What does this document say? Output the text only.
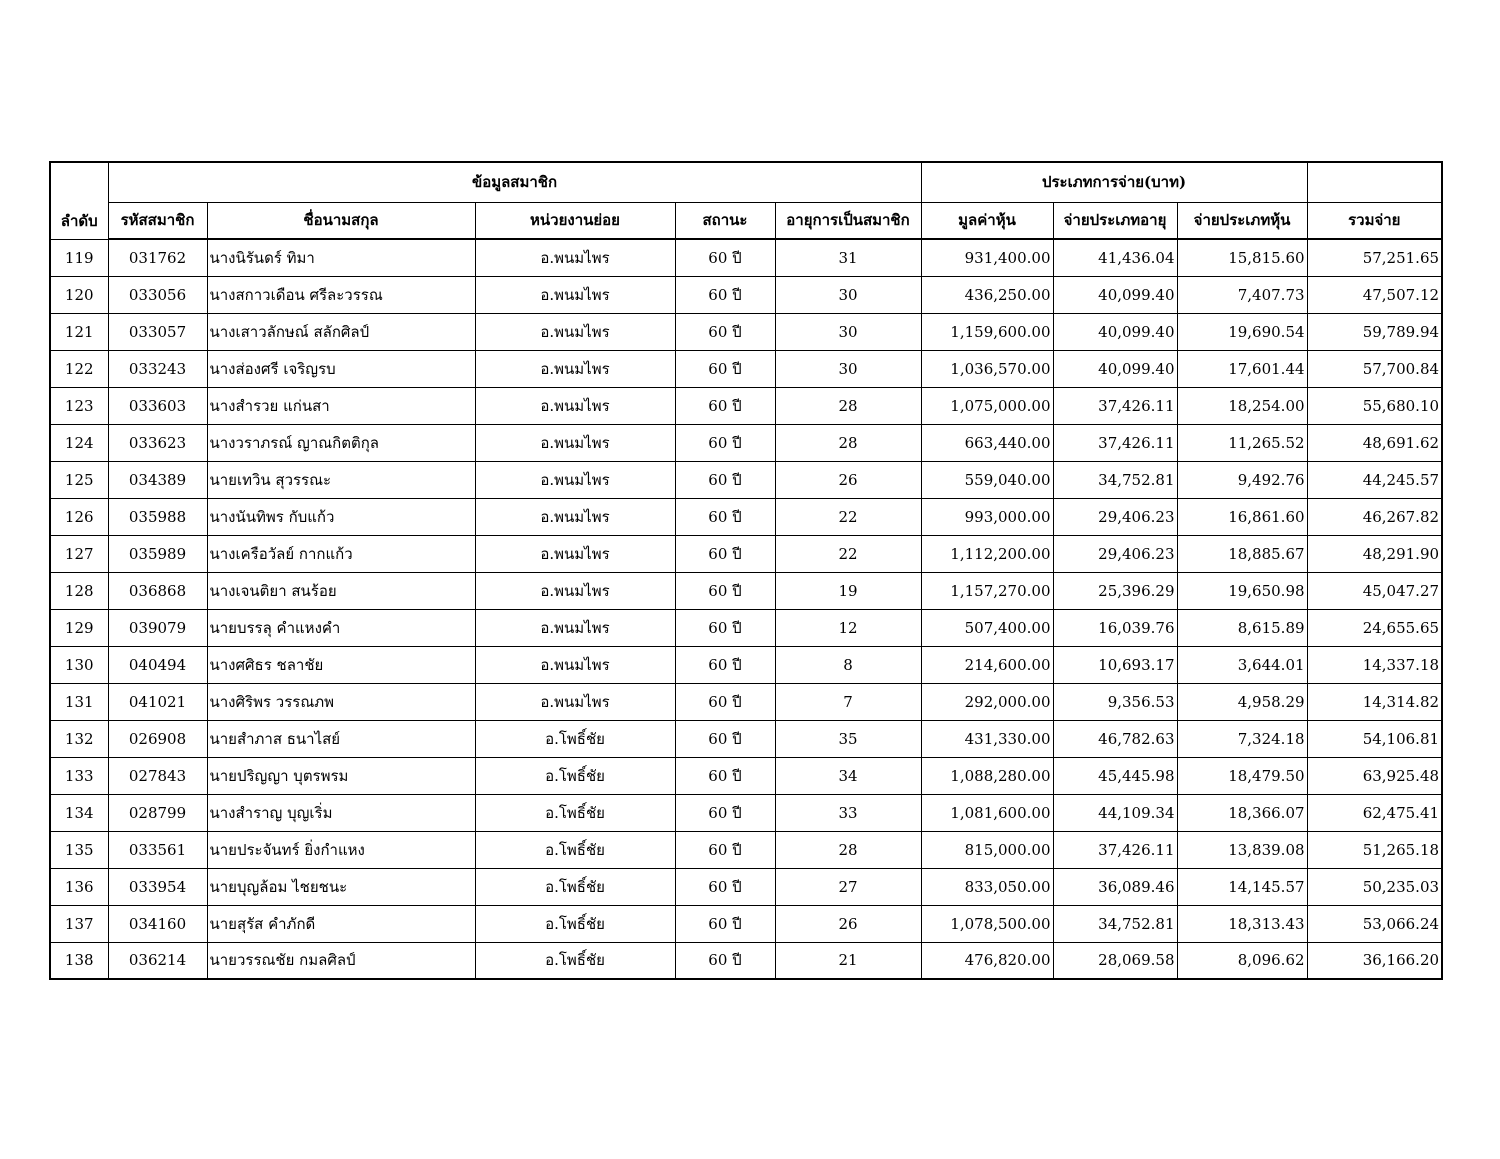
ลำดับ	ข้อมูลสมาชิก					ประเภทการจ่าย(บาท)			
	รหัสสมาชิก	ชื่อนามสกุล	หน่วยงานย่อย	สถานะ	อายุการเป็นสมาชิก	มูลค่าหุ้น	จ่ายประเภทอายุ	จ่ายประเภทหุ้น	รวมจ่าย
119	031762	นางนิรันดร์ ทิมา	อ.พนมไพร	60 ปี	31	931,400.00	41,436.04	15,815.60	57,251.65
120	033056	นางสกาวเดือน ศรีละวรรณ	อ.พนมไพร	60 ปี	30	436,250.00	40,099.40	7,407.73	47,507.12
121	033057	นางเสาวลักษณ์ สลักศิลป์	อ.พนมไพร	60 ปี	30	1,159,600.00	40,099.40	19,690.54	59,789.94
122	033243	นางส่องศรี เจริญรบ	อ.พนมไพร	60 ปี	30	1,036,570.00	40,099.40	17,601.44	57,700.84
123	033603	นางสำรวย แก่นสา	อ.พนมไพร	60 ปี	28	1,075,000.00	37,426.11	18,254.00	55,680.10
124	033623	นางวราภรณ์ ญาณกิตติกุล	อ.พนมไพร	60 ปี	28	663,440.00	37,426.11	11,265.52	48,691.62
125	034389	นายเทวิน สุวรรณะ	อ.พนมไพร	60 ปี	26	559,040.00	34,752.81	9,492.76	44,245.57
126	035988	นางนันทิพร กับแก้ว	อ.พนมไพร	60 ปี	22	993,000.00	29,406.23	16,861.60	46,267.82
127	035989	นางเครือวัลย์ กากแก้ว	อ.พนมไพร	60 ปี	22	1,112,200.00	29,406.23	18,885.67	48,291.90
128	036868	นางเจนติยา สนร้อย	อ.พนมไพร	60 ปี	19	1,157,270.00	25,396.29	19,650.98	45,047.27
129	039079	นายบรรลุ คำแหงคำ	อ.พนมไพร	60 ปี	12	507,400.00	16,039.76	8,615.89	24,655.65
130	040494	นางศศิธร ชลาชัย	อ.พนมไพร	60 ปี	8	214,600.00	10,693.17	3,644.01	14,337.18
131	041021	นางศิริพร วรรณภพ	อ.พนมไพร	60 ปี	7	292,000.00	9,356.53	4,958.29	14,314.82
132	026908	นายสำภาส ธนาไสย์	อ.โพธิ์ชัย	60 ปี	35	431,330.00	46,782.63	7,324.18	54,106.81
133	027843	นายปริญญา บุตรพรม	อ.โพธิ์ชัย	60 ปี	34	1,088,280.00	45,445.98	18,479.50	63,925.48
134	028799	นางสำราญ บุญเริ่ม	อ.โพธิ์ชัย	60 ปี	33	1,081,600.00	44,109.34	18,366.07	62,475.41
135	033561	นายประจันทร์ ยิ่งกำแหง	อ.โพธิ์ชัย	60 ปี	28	815,000.00	37,426.11	13,839.08	51,265.18
136	033954	นายบุญล้อม ไชยชนะ	อ.โพธิ์ชัย	60 ปี	27	833,050.00	36,089.46	14,145.57	50,235.03
137	034160	นายสุรัส คำภักดี	อ.โพธิ์ชัย	60 ปี	26	1,078,500.00	34,752.81	18,313.43	53,066.24
138	036214	นายวรรณชัย กมลศิลป์	อ.โพธิ์ชัย	60 ปี	21	476,820.00	28,069.58	8,096.62	36,166.20
